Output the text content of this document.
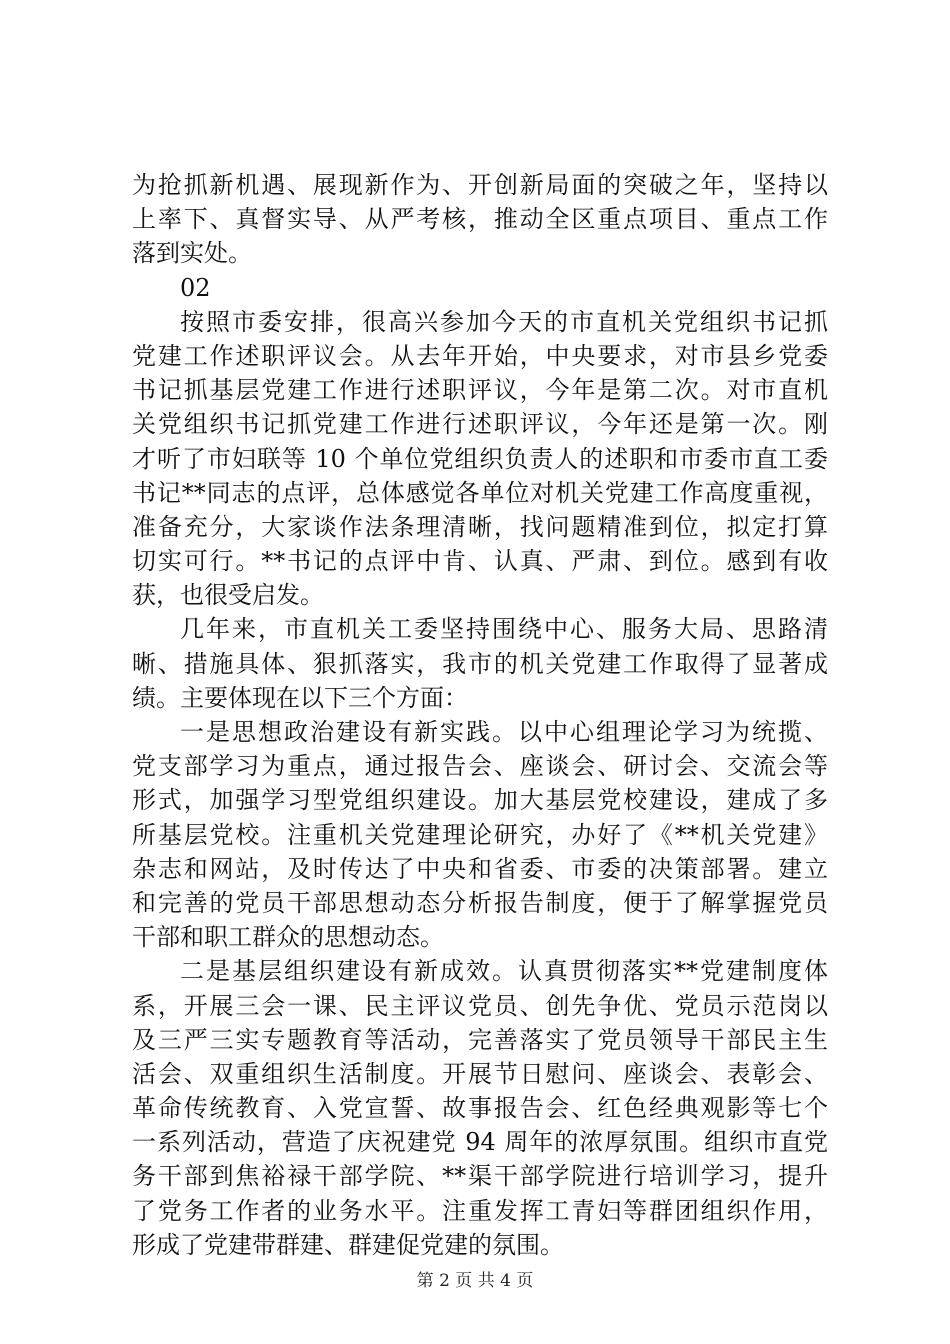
为抢抓新机遇、展现新作为、开创新局面的突破之年，坚持以
上率下、真督实导、从严考核，推动全区重点项目、重点工作
落到实处。
02
按照市委安排，很高兴参加今天的市直机关党组织书记抓
党建工作述职评议会。从去年开始，中央要求，对市县乡党委
书记抓基层党建工作进行述职评议，今年是第二次。对市直机
关党组织书记抓党建工作进行述职评议，今年还是第一次。刚
才听了市妇联等 10 个单位党组织负责人的述职和市委市直工委
书记**同志的点评，总体感觉各单位对机关党建工作高度重视，
准备充分，大家谈作法条理清晰，找问题精准到位，拟定打算
切实可行。**书记的点评中肯、认真、严肃、到位。感到有收
获，也很受启发。
几年来，市直机关工委坚持围绕中心、服务大局、思路清
晰、措施具体、狠抓落实，我市的机关党建工作取得了显著成
绩。主要体现在以下三个方面：
一是思想政治建设有新实践。以中心组理论学习为统揽、
党支部学习为重点，通过报告会、座谈会、研讨会、交流会等
形式，加强学习型党组织建设。加大基层党校建设，建成了多
所基层党校。注重机关党建理论研究，办好了《**机关党建》
杂志和网站，及时传达了中央和省委、市委的决策部署。建立
和完善的党员干部思想动态分析报告制度，便于了解掌握党员
干部和职工群众的思想动态。
二是基层组织建设有新成效。认真贯彻落实**党建制度体
系，开展三会一课、民主评议党员、创先争优、党员示范岗以
及三严三实专题教育等活动，完善落实了党员领导干部民主生
活会、双重组织生活制度。开展节日慰问、座谈会、表彰会、
革命传统教育、入党宣誓、故事报告会、红色经典观影等七个
一系列活动，营造了庆祝建党 94 周年的浓厚氛围。组织市直党
务干部到焦裕禄干部学院、**渠干部学院进行培训学习，提升
了党务工作者的业务水平。注重发挥工青妇等群团组织作用，
形成了党建带群建、群建促党建的氛围。
第 2 页 共 4 页
